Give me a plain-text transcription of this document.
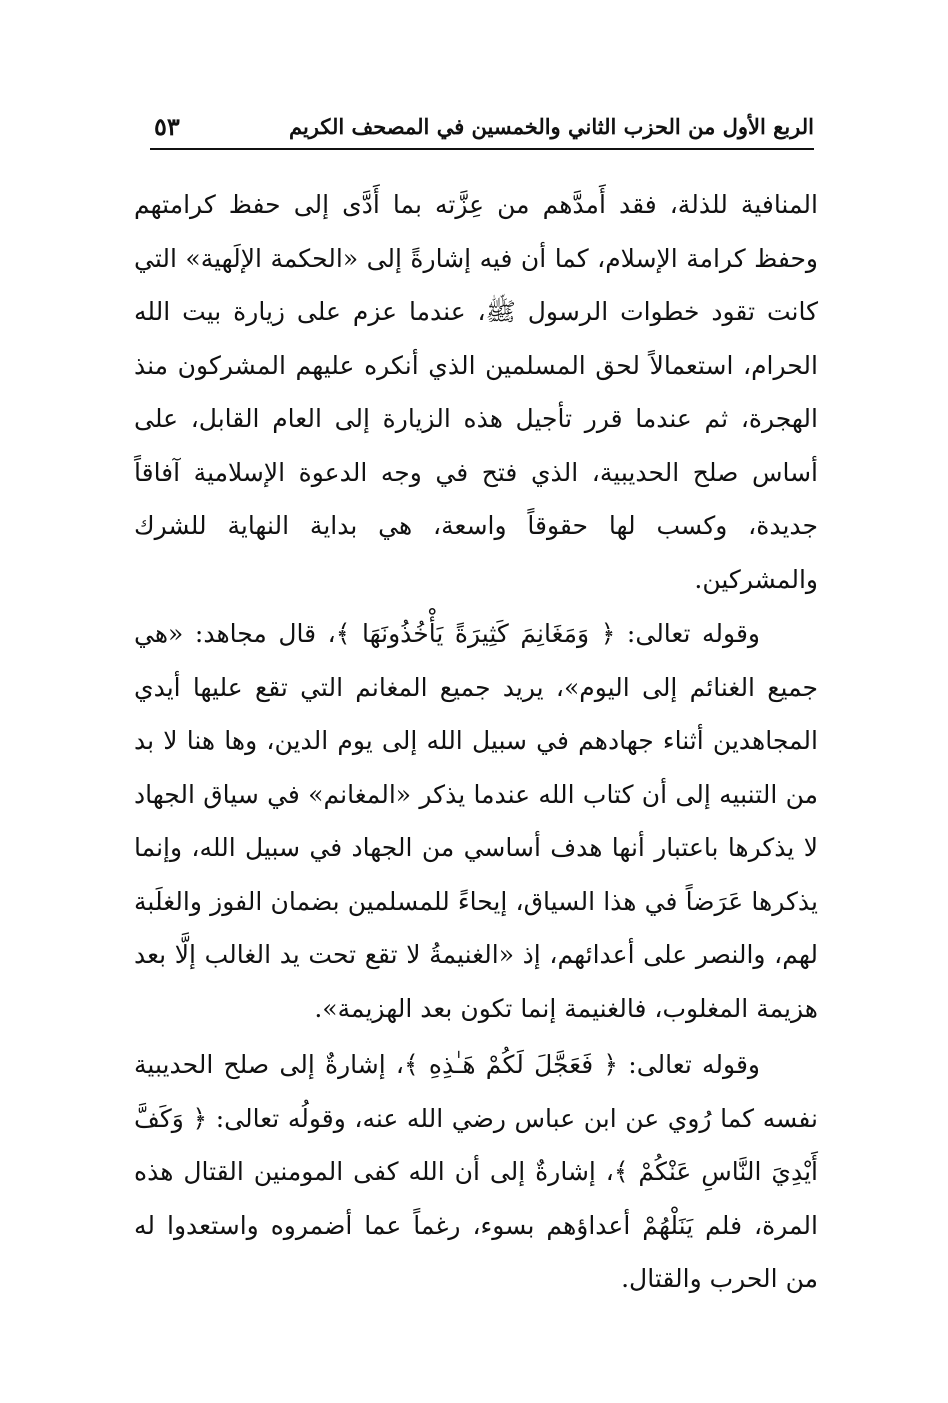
الربع الأول من الحزب الثاني والخمسين في المصحف الكريم
٥٣

المنافية للذلة، فقد أَمدَّهم من عِزَّته بما أَدَّى إلى حفظ كرامتهم وحفظ كرامة الإسلام، كما أن فيه إشارةً إلى «الحكمة الإلَهية» التي كانت تقود خطوات الرسول ﷺ، عندما عزم على زيارة بيت الله الحرام، استعمالاً لحق المسلمين الذي أنكره عليهم المشركون منذ الهجرة، ثم عندما قرر تأجيل هذه الزيارة إلى العام القابل، على أساس صلح الحديبية، الذي فتح في وجه الدعوة الإسلامية آفاقاً جديدة، وكسب لها حقوقاً واسعة، هي بداية النهاية للشرك والمشركين.

وقوله تعالى: ﴿ وَمَغَانِمَ كَثِيرَةً يَأْخُذُونَهَا ﴾، قال مجاهد: «هي جميع الغنائم إلى اليوم»، يريد جميع المغانم التي تقع عليها أيدي المجاهدين أثناء جهادهم في سبيل الله إلى يوم الدين، وها هنا لا بد من التنبيه إلى أن كتاب الله عندما يذكر «المغانم» في سياق الجهاد لا يذكرها باعتبار أنها هدف أساسي من الجهاد في سبيل الله، وإنما يذكرها عَرَضاً في هذا السياق، إيحاءً للمسلمين بضمان الفوز والغلَبة لهم، والنصر على أعدائهم، إذ «الغنيمةُ لا تقع تحت يد الغالب إلَّا بعد هزيمة المغلوب، فالغنيمة إنما تكون بعد الهزيمة».

وقوله تعالى: ﴿ فَعَجَّلَ لَكُمْ هَـٰذِهِ ﴾، إشارةٌ إلى صلح الحديبية نفسه كما رُوي عن ابن عباس رضي الله عنه، وقولُه تعالى: ﴿ وَكَفَّ أَيْدِيَ النَّاسِ عَنْكُمْ ﴾، إشارةٌ إلى أن الله كفى المومنين القتال هذه المرة، فلم يَنَلْهُمْ أعداؤهم بسوء، رغماً عما أضمروه واستعدوا له من الحرب والقتال.
